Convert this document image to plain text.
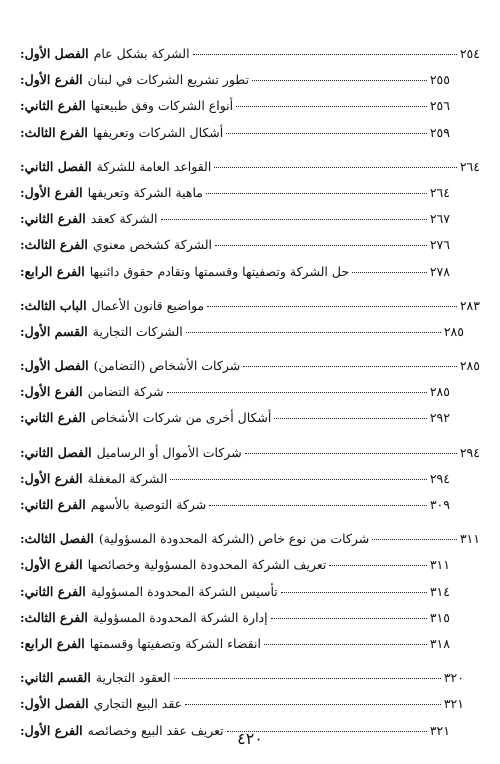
الفصل الأول: الشركة بشكل عام	٢٥٤
الفرع الأول: تطور تشريع الشركات في لبنان	٢٥٥
الفرع الثاني: أنواع الشركات وفق طبيعتها	٢٥٦
الفرع الثالث: أشكال الشركات وتعريفها	٢٥٩
الفصل الثاني: القواعد العامة للشركة	٢٦٤
الفرع الأول: ماهية الشركة وتعريفها	٢٦٤
الفرع الثاني: الشركة كعقد	٢٦٧
الفرع الثالث: الشركة كشخص معنوي	٢٧٦
الفرع الرابع: حل الشركة وتصفيتها وقسمتها وتقادم حقوق دائنيها	٢٧٨
الباب الثالث: مواضيع قانون الأعمال	٢٨٣
القسم الأول: الشركات التجارية	٢٨٥
الفصل الأول: شركات الأشخاص (التضامن)	٢٨٥
الفرع الأول: شركة التضامن	٢٨٥
الفرع الثاني: أشكال أخرى من شركات الأشخاص	٢٩٢
الفصل الثاني: شركات الأموال أو الرساميل	٢٩٤
الفرع الأول: الشركة المغفلة	٢٩٤
الفرع الثاني: شركة التوصية بالأسهم	٣٠٩
الفصل الثالث: شركات من نوع خاص (الشركة المحدودة المسؤولية)	٣١١
الفرع الأول: تعريف الشركة المحدودة المسؤولية وخصائصها	٣١١
الفرع الثاني: تأسيس الشركة المحدودة المسؤولية	٣١٤
الفرع الثالث: إدارة الشركة المحدودة المسؤولية	٣١٥
الفرع الرابع: انقضاء الشركة وتصفيتها وقسمتها	٣١٨
القسم الثاني: العقود التجارية	٣٢٠
الفصل الأول: عقد البيع التجاري	٣٢١
الفرع الأول: تعريف عقد البيع وخصائصه	٣٢١
٤٢٠
